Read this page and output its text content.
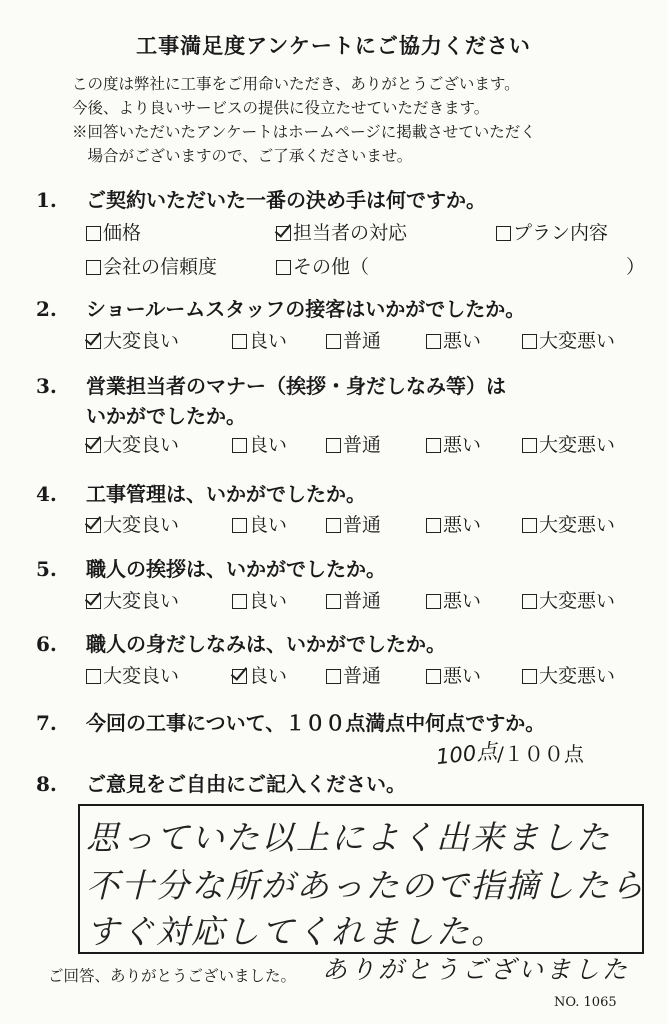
工事満足度アンケートにご協力ください
この度は弊社に工事をご用命いただき、ありがとうございます。
今後、より良いサービスの提供に役立たせていただきます。
※回答いただいたアンケートはホームページに掲載させていただく
　場合がございますので、ご了承くださいませ。
1. ご契約いただいた一番の決め手は何ですか。
価格	担当者の対応	プラン内容
会社の信頼度	その他（	）
2. ショールームスタッフの接客はいかがでしたか。
大変良い	良い	普通	悪い	大変悪い
3. 営業担当者のマナー（挨拶・身だしなみ等）は
いかがでしたか。
大変良い	良い	普通	悪い	大変悪い
4. 工事管理は、いかがでしたか。
大変良い	良い	普通	悪い	大変悪い
5. 職人の挨拶は、いかがでしたか。
大変良い	良い	普通	悪い	大変悪い
6. 職人の身だしなみは、いかがでしたか。
大変良い	良い	普通	悪い	大変悪い
7. 今回の工事について、１００点満点中何点ですか。
100点/１００点
8. ご意見をご自由にご記入ください。
思っていた以上によく出来ました
不十分な所があったので指摘したら
すぐ対応してくれました。
ご回答、ありがとうございました。 ありがとうございました
NO. 1065
